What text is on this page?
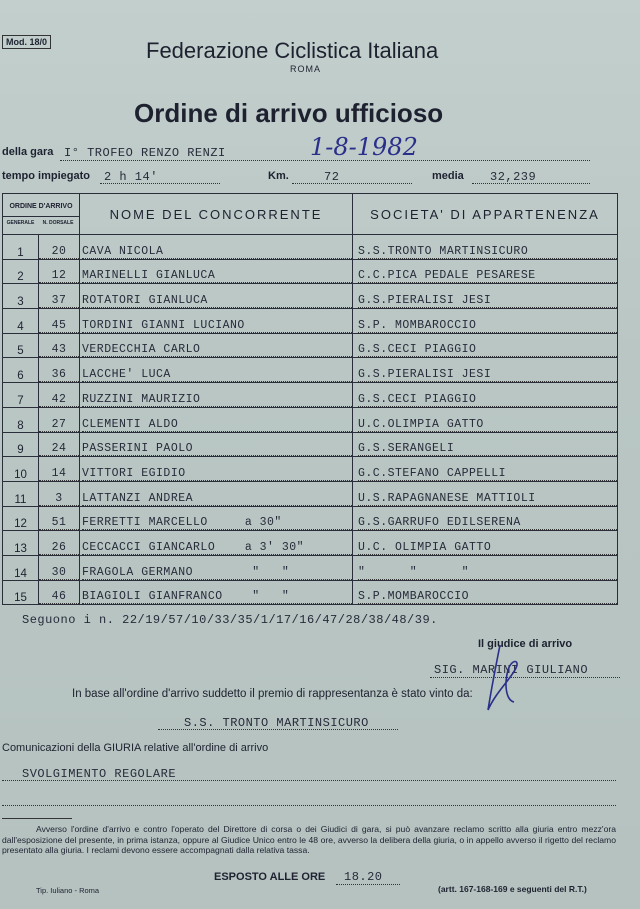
Mod. 18/0	Federazione Ciclistica Italiana
ROMA
Ordine di arrivo ufficioso
della gara I° TROFEO RENZO RENZI	1-8-1982
tempo impiegato 2 h 14'	Km.	72	media 32,239
ORDINE D'ARRIVO
GENERALE N. DORSALE		NOME DEL CONCORRENTE	SOCIETA' DI APPARTENENZA
1	20	CAVA NICOLA	S.S.TRONTO MARTINSICURO

2	12	MARINELLI GIANLUCA	C.C.PICA PEDALE PESARESE

3	37	ROTATORI GIANLUCA	G.S.PIERALISI JESI

4	45	TORDINI GIANNI LUCIANO	S.P. MOMBAROCCIO

5	43	VERDECCHIA CARLO	G.S.CECI PIAGGIO

6	36	LACCHE' LUCA	G.S.PIERALISI JESI

7	42	RUZZINI MAURIZIO	G.S.CECI PIAGGIO

8	27	CLEMENTI ALDO	U.C.OLIMPIA GATTO

9	24	PASSERINI PAOLO	G.S.SERANGELI

10	14	VITTORI EGIDIO	G.C.STEFANO CAPPELLI

11	3	LATTANZI ANDREA	U.S.RAPAGNANESE MATTIOLI

12	51	FERRETTI MARCELLO     a 30"	G.S.GARRUFO EDILSERENA

13	26	CECCACCI GIANCARLO    a 3' 30"	U.C. OLIMPIA GATTO

14	30	FRAGOLA GERMANO        "   "	"      "      "

15	46	BIAGIOLI GIANFRANCO    "   "	S.P.MOMBAROCCIO
Seguono i n. 22/19/57/10/33/35/1/17/16/47/28/38/48/39.
Il giudice di arrivo
SIG. MARINI GIULIANO
In base all'ordine d'arrivo suddetto il premio di rappresentanza è stato vinto da:
S.S. TRONTO MARTINSICURO
Comunicazioni della GIURIA relative all'ordine di arrivo
SVOLGIMENTO REGOLARE
Avverso l'ordine d'arrivo e contro l'operato del Direttore di corsa o dei Giudici di gara, si può avanzare reclamo scritto alla giuria entro mezz'ora dall'esposizione del presente, in prima istanza, oppure al Giudice Unico entro le 48 ore, avverso la delibera della giuria, o in appello avverso il rigetto del reclamo presentato alla giuria. I reclami devono essere accompagnati dalla relativa tassa.
ESPOSTO ALLE ORE 18.20
Tip. Iuliano - Roma	(artt. 167-168-169 e seguenti del R.T.)
